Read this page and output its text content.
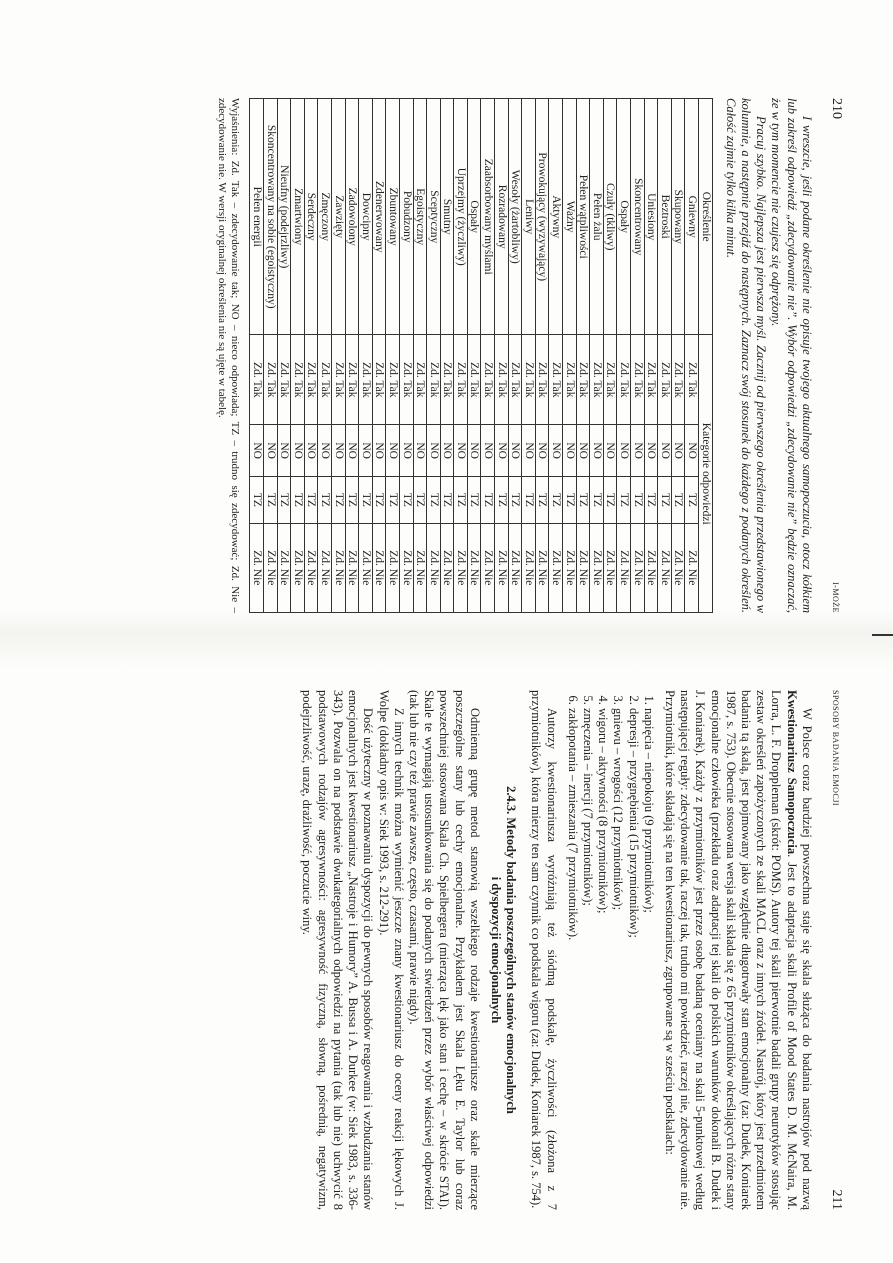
210
I-MOŻE

I wreszcie, jeśli podane określenie nie opisuje twojego aktualnego samopoczucia, otocz kółkiem lub zakreśl odpowiedź „zdecydowanie nie”. Wybór odpowiedzi „zdecydowanie nie” będzie oznaczać, że w tym momencie nie czujesz się odprężony.

Pracuj szybko. Najlepsza jest pierwsza myśl. Zacznij od pierwszego określenia przedstawionego w kolumnie, a następnie przejdź do następnych. Zaznacz swój stosunek do każdego z podanych określeń. Całość zajmie tylko kilka minut.

Określenie	Kategorie odpowiedzi			
Gniewny	Zd. Tak	NO	TZ	Zd. Nie
Skupowany	Zd. Tak	NO	TZ	Zd. Nie
Beztroski	Zd. Tak	NO	TZ	Zd. Nie
Uniesiony	Zd. Tak	NO	TZ	Zd. Nie
Skoncentrowany	Zd. Tak	NO	TZ	Zd. Nie
Ospały	Zd. Tak	NO	TZ	Zd. Nie
Czuły (tkliwy)	Zd. Tak	NO	TZ	Zd. Nie
Pełen żalu	Zd. Tak	NO	TZ	Zd. Nie
Pełen wątpliwości	Zd. Tak	NO	TZ	Zd. Nie
Ważny	Zd. Tak	NO	TZ	Zd. Nie
Aktywny	Zd. Tak	NO	TZ	Zd. Nie
Prowokujący (wyzywający)	Zd. Tak	NO	TZ	Zd. Nie
Leniwy	Zd. Tak	NO	TZ	Zd. Nie
Wesoły (żartobliwy)	Zd. Tak	NO	TZ	Zd. Nie
Rozradowany	Zd. Tak	NO	TZ	Zd. Nie
Zaabsorbowany myślami	Zd. Tak	NO	TZ	Zd. Nie
Ospały	Zd. Tak	NO	TZ	Zd. Nie
Uprzejmy (życzliwy)	Zd. Tak	NO	TZ	Zd. Nie
Smutny	Zd. Tak	NO	TZ	Zd. Nie
Sceptyczny	Zd. Tak	NO	TZ	Zd. Nie
Egoistyczny	Zd. Tak	NO	TZ	Zd. Nie
Pobudzony	Zd. Tak	NO	TZ	Zd. Nie
Zbuntowany	Zd. Tak	NO	TZ	Zd. Nie
Zdenerwowany	Zd. Tak	NO	TZ	Zd. Nie
Dowcipny	Zd. Tak	NO	TZ	Zd. Nie
Zadowolony	Zd. Tak	NO	TZ	Zd. Nie
Zawzięty	Zd. Tak	NO	TZ	Zd. Nie
Zmęczony	Zd. Tak	NO	TZ	Zd. Nie
Serdeczny	Zd. Tak	NO	TZ	Zd. Nie
Zmartwiony	Zd. Tak	NO	TZ	Zd. Nie
Nieufny (podejrzliwy)	Zd. Tak	NO	TZ	Zd. Nie
Skoncentrowany na sobie (egoistyczny)	Zd. Tak	NO	TZ	Zd. Nie
Pełen energii	Zd. Tak	NO	TZ	Zd. Nie
Wyjaśnienia: Zd. Tak – zdecydowanie tak; NO – nieco odpowiada; TZ – trudno się zdecydować; Zd. Nie – zdecydowanie nie. W wersji oryginalnej określenia nie są ujęte w tabelę.
SPOSOBY BADANIA EMOCJI
211

W Polsce coraz bardziej powszechna staje się skala służąca do badania nastrojów pod nazwą Kwestionariusz Samopoczucia. Jest to adaptacja skali Profile of Mood States D. M. McNaira, M. Lorra, L. F. Droppleman (skrót: POMS). Autory tej skali pierwotnie badali grupy neurotyków stosując zestaw określeń zapożyczonych ze skali MACL oraz z innych źródeł. Nastrój, który jest przedmiotem badania tą skalą, jest pojmowany jako względnie długotrwały stan emocjonalny (za: Dudek, Koniarek 1987, s. 753). Obecnie stosowana wersja skali składa się z 65 przymiotników określających różne stany emocjonalne człowieka (przekładu oraz adaptacji tej skali do polskich warunków dokonali B. Dudek i J. Koniarek). Każdy z przymiotników jest przez osobę badaną oceniany na skali 5-punktowej według następującej reguły: zdecydowanie tak, raczej tak, trudno mi powiedzieć, raczej nie, zdecydowanie nie. Przymiotniki, które składają się na ten kwestionariusz, zgrupowane są w sześciu podskalach:

1. napięcia – niepokoju (9 przymiotników);
2. depresji – przygnębienia (15 przymiotników);
3. gniewu – wrogości (12 przymiotników);
4. wigoru – aktywności (8 przymiotników);
5. zmęczenia – inercji (7 przymiotników);
6. zakłopotania – zmieszania (7 przymiotników).

Autorzy kwestionariusza wyróżniają też siódmą podskalę, życzliwości (złożona z 7 przymiotników), która mierzy ten sam czynnik co podskala wigoru (za: Dudek, Koniarek 1987, s. 754).

2.4.3. Metody badania poszczególnych stanów emocjonalnych
i dyspozycji emocjonalnych

Odmienną grupę metod stanowią wszelkiego rodzaje kwestionariusze oraz skale mierzące poszczególne stany lub cechy emocjonalne. Przykładem jest Skala Lęku E. Taylor lub coraz powszechniej stosowana Skala Ch. Spielbergera (mierząca lęk jako stan i cechę – w skrócie STAI). Skale te wymagają ustosunkowania się do podanych stwierdzeń przez wybór właściwej odpowiedzi (tak lub nie czy też prawie zawsze, często, czasami, prawie nigdy).

Z innych technik można wymienić jeszcze znany kwestionariusz do oceny reakcji lękowych J. Wolpe (dokładny opis w: Siek 1993, s. 212-291).

Dość użyteczny w poznawaniu dyspozycji do pewnych sposobów reagowania i wzbudzania stanów emocjonalnych jest kwestionariusz „Nastroje i Humory” A. Bussa i A. Durkee (w: Siek 1983, s. 336-343). Pozwala on na podstawie dwukategorialnych odpowiedzi na pytania (tak lub nie) uchwycić 8 podstawowych rodzajów agresywności: agresywność fizyczną, słowną, pośrednią, negatywizm, podejrzliwość, urazę, drażliwość, poczucie winy.
